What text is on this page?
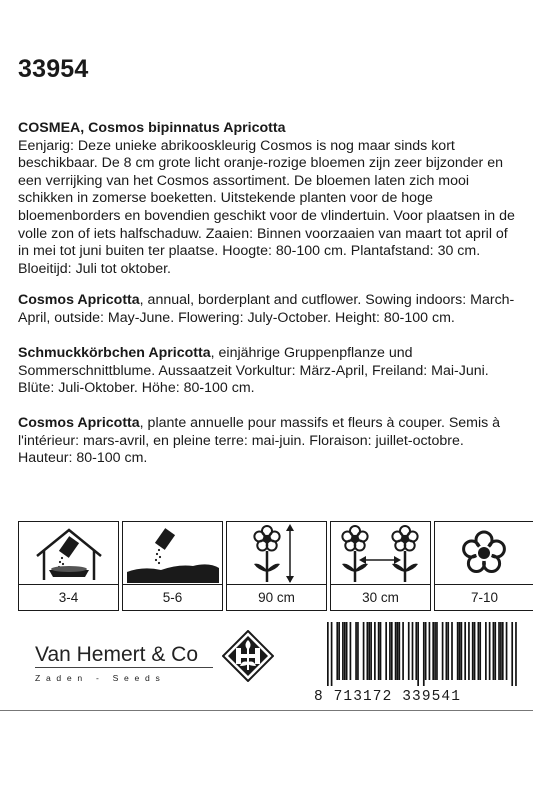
33954
COSMEA, Cosmos bipinnatus Apricotta
Eenjarig: Deze unieke abrikooskleurig Cosmos is nog maar sinds kort beschikbaar. De 8 cm grote licht oranje-rozige bloemen zijn zeer bijzonder en een verrijking van het Cosmos assortiment. De bloemen laten zich mooi schikken in zomerse boeketten. Uitstekende planten voor de hoge bloemenborders en bovendien geschikt voor de vlindertuin. Voor plaatsen in de volle zon of iets halfschaduw. Zaaien: Binnen voorzaaien van maart tot april of in mei tot juni buiten ter plaatse. Hoogte: 80-100 cm. Plantafstand: 30 cm. Bloeitijd: Juli tot oktober.
Cosmos Apricotta, annual, borderplant and cutflower. Sowing indoors: March-April, outside: May-June. Flowering: July-October. Height: 80-100 cm.
Schmuckkörbchen Apricotta, einjährige Gruppenpflanze und Sommerschnittblume. Aussaatzeit Vorkultur: März-April, Freiland: Mai-Juni. Blüte: Juli-Oktober. Höhe: 80-100 cm.
Cosmos Apricotta, plante annuelle pour massifs et fleurs à couper. Semis à l'intérieur: mars-avril, en pleine terre: mai-juin. Floraison: juillet-octobre. Hauteur: 80-100 cm.
3-4	5-6	90 cm	30 cm	7-10
Van Hemert & Co
Zaden - Seeds
8 713172 339541
